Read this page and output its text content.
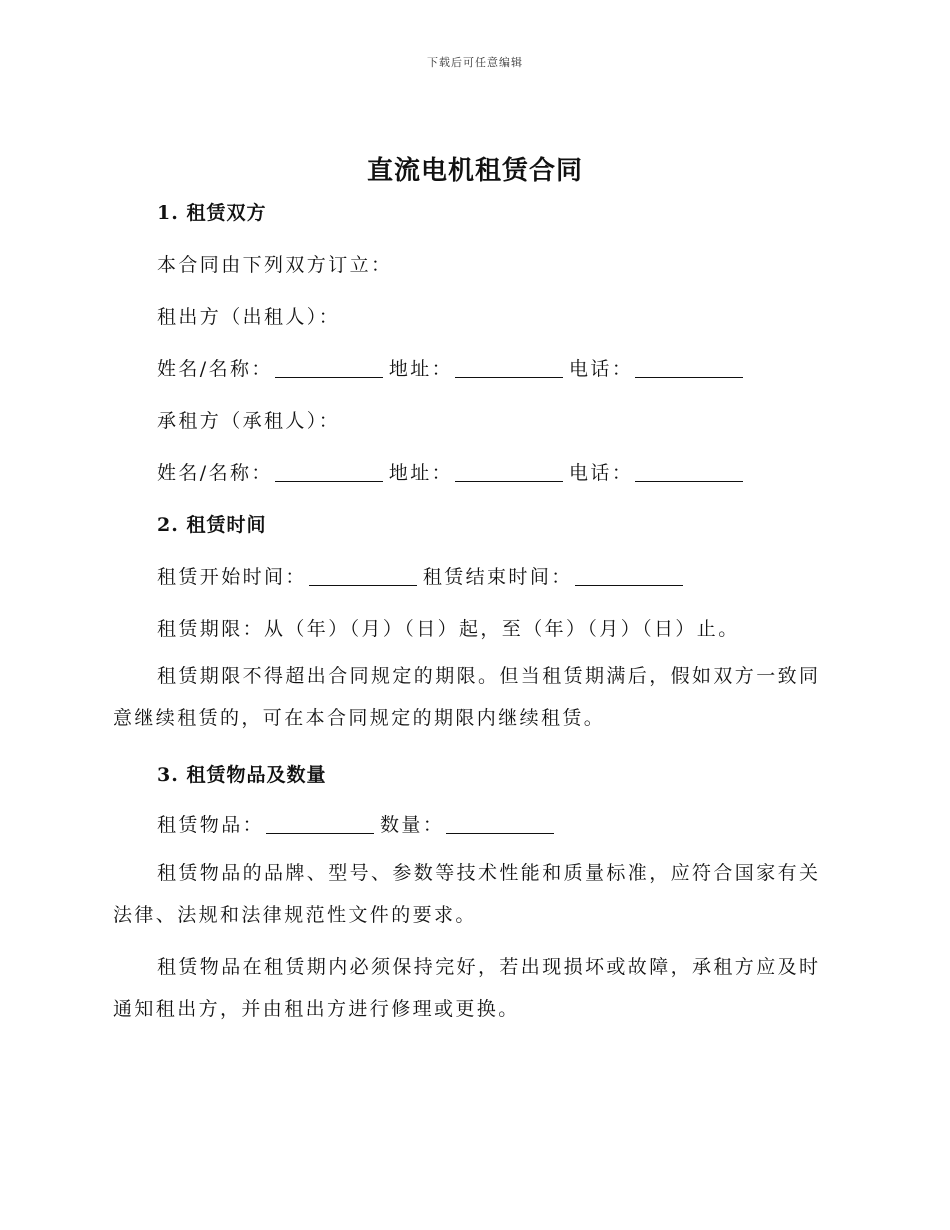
下载后可任意编辑
直流电机租赁合同
1. 租赁双方
本合同由下列双方订立：
租出方（出租人）：
姓名/名称：	地址：	电话：
承租方（承租人）：
姓名/名称：	地址：	电话：
2. 租赁时间
租赁开始时间：	租赁结束时间：
租赁期限：从（年）（月）（日）起，至（年）（月）（日）止。
租赁期限不得超出合同规定的期限。但当租赁期满后，假如双方一致同意继续租赁的，可在本合同规定的期限内继续租赁。
3. 租赁物品及数量
租赁物品：	数量：
租赁物品的品牌、型号、参数等技术性能和质量标准，应符合国家有关法律、法规和法律规范性文件的要求。
租赁物品在租赁期内必须保持完好，若出现损坏或故障，承租方应及时通知租出方，并由租出方进行修理或更换。
